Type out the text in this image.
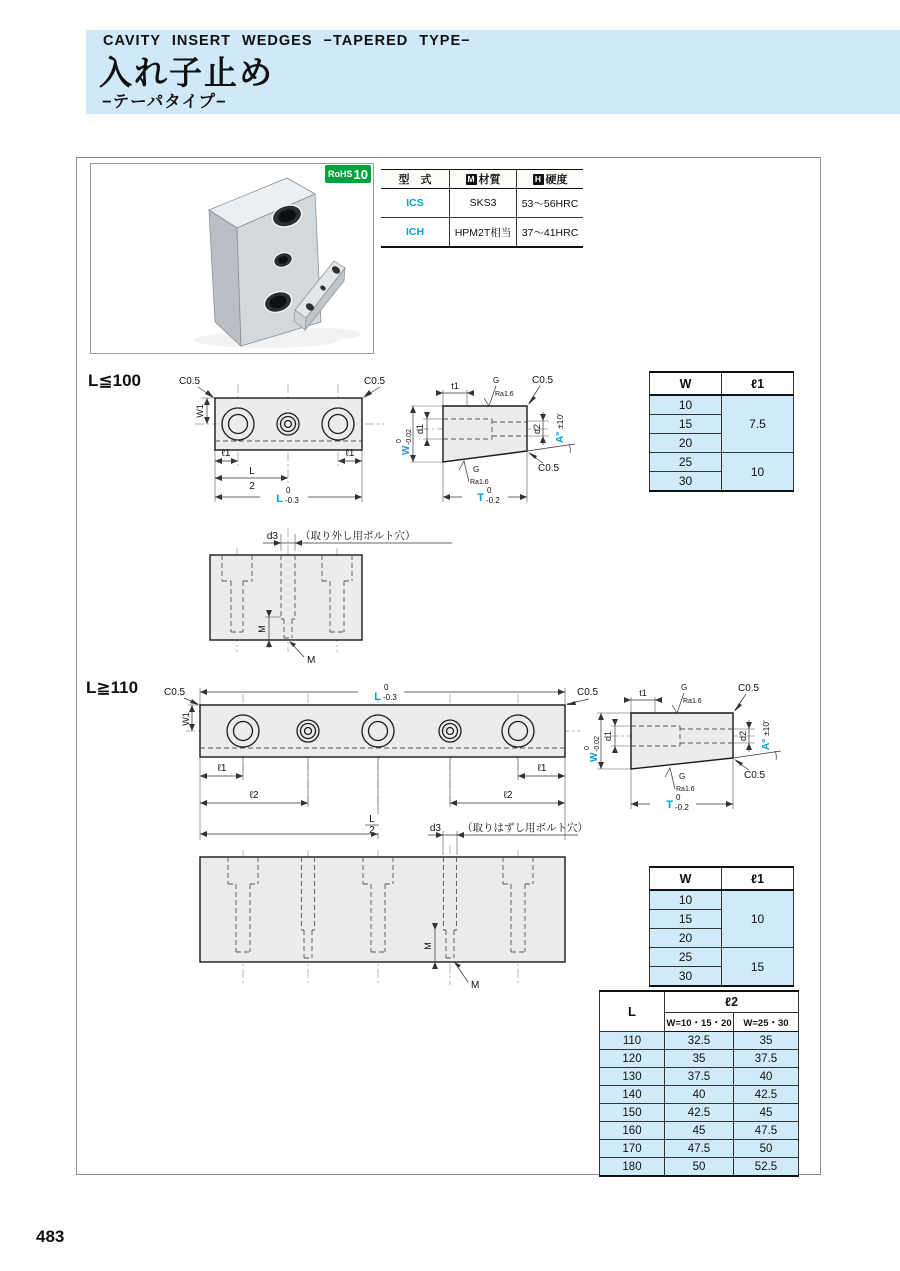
CAVITY INSERT WEDGES −TAPERED TYPE−
入れ子止め
−テーパタイプ−
RoHS 10	型　式	M 材質	H 硬度
ICS	SKS3	53〜56HRC
ICH	HPM2T相当	37〜41HRC
L≦100
L≧110
C0.5	C0.5
W1
ℓ1	ℓ1
L
2
L
0
-0.3
t1
G
Ra1.6
C0.5
d2
A°
±10′
C0.5
G
Ra1.6
W
0 -0.02
d1
T
0
-0.2
W	ℓ1
10	7.5
15	
20	
25	10
30	
d3 （取り外し用ボルト穴）
M
M
L
0
-0.3
C0.5	C0.5
W1
ℓ1	ℓ1
ℓ2	ℓ2
L
2
t1
G
Ra1.6
C0.5
d2
A°
±10′
C0.5
G
Ra1.6
W
0 -0.02
d1
T
0
-0.2
d3 （取りはずし用ボルト穴）
M
M
W	ℓ1
10	10
15	
20	
25	15
30	
L	ℓ2	
	W=10・15・20	W=25・30
110	32.5	35
120	35	37.5
130	37.5	40
140	40	42.5
150	42.5	45
160	45	47.5
170	47.5	50
180	50	52.5
483
